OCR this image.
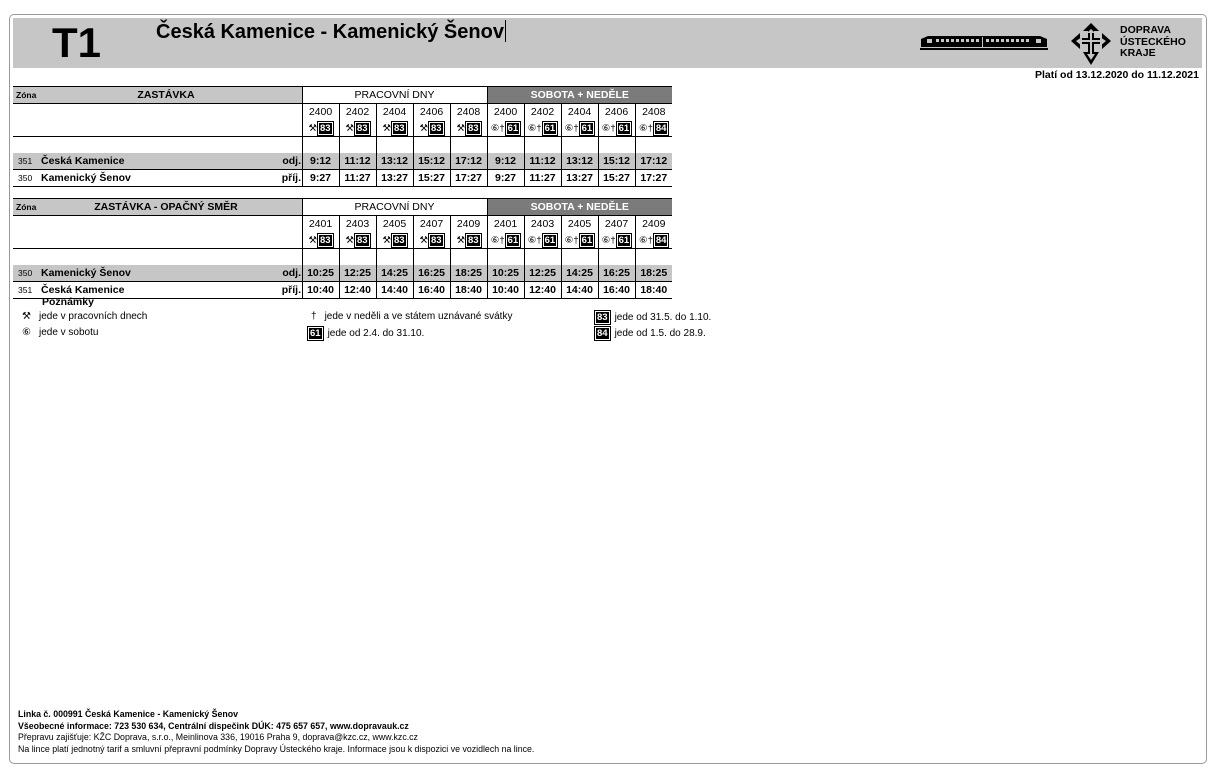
T1	Česká Kamenice - Kamenický Šenov	DOPRAVA
ÚSTECKÉHO
KRAJE
Platí od 13.12.2020 do 11.12.2021
Zóna ZASTÁVKA	PRACOVNÍ DNY					SOBOTA + NEDĚLE				
	2400	2402	2404	2406	2408	2400	2402	2404	2406	2408

	⚒ 83	⚒ 83	⚒ 83	⚒ 83	⚒ 83	⑥† 61	⑥† 61	⑥† 61	⑥† 61	⑥† 84

351 Česká Kamenice odj.	9:12	11:12	13:12	15:12	17:12	9:12	11:12	13:12	15:12	17:12
350 Kamenický Šenov příj.	9:27	11:27	13:27	15:27	17:27	9:27	11:27	13:27	15:27	17:27
Zóna ZASTÁVKA - OPAČNÝ SMĚR	PRACOVNÍ DNY					SOBOTA + NEDĚLE				
	2401	2403	2405	2407	2409	2401	2403	2405	2407	2409

	⚒ 83	⚒ 83	⚒ 83	⚒ 83	⚒ 83	⑥† 61	⑥† 61	⑥† 61	⑥† 61	⑥† 84

350 Kamenický Šenov odj.	10:25	12:25	14:25	16:25	18:25	10:25	12:25	14:25	16:25	18:25
351 Česká Kamenice příj.	10:40	12:40	14:40	16:40	18:40	10:40	12:40	14:40	16:40	18:40
Poznámky
⚒ jede v pracovních dnech
⑥ jede v sobotu
† jede v neděli a ve státem uznávané svátky
61 jede od 2.4. do 31.10.
83 jede od 31.5. do 1.10.
84 jede od 1.5. do 28.9.
Linka č. 000991 Česká Kamenice - Kamenický Šenov
Všeobecné informace: 723 530 634, Centrální dispečink DÚK: 475 657 657, www.dopravauk.cz
Přepravu zajišťuje: KŽC Doprava, s.r.o., Meinlinova 336, 19016 Praha 9, doprava@kzc.cz, www.kzc.cz
Na lince platí jednotný tarif a smluvní přepravní podmínky Dopravy Ústeckého kraje. Informace jsou k dispozici ve vozidlech na lince.
